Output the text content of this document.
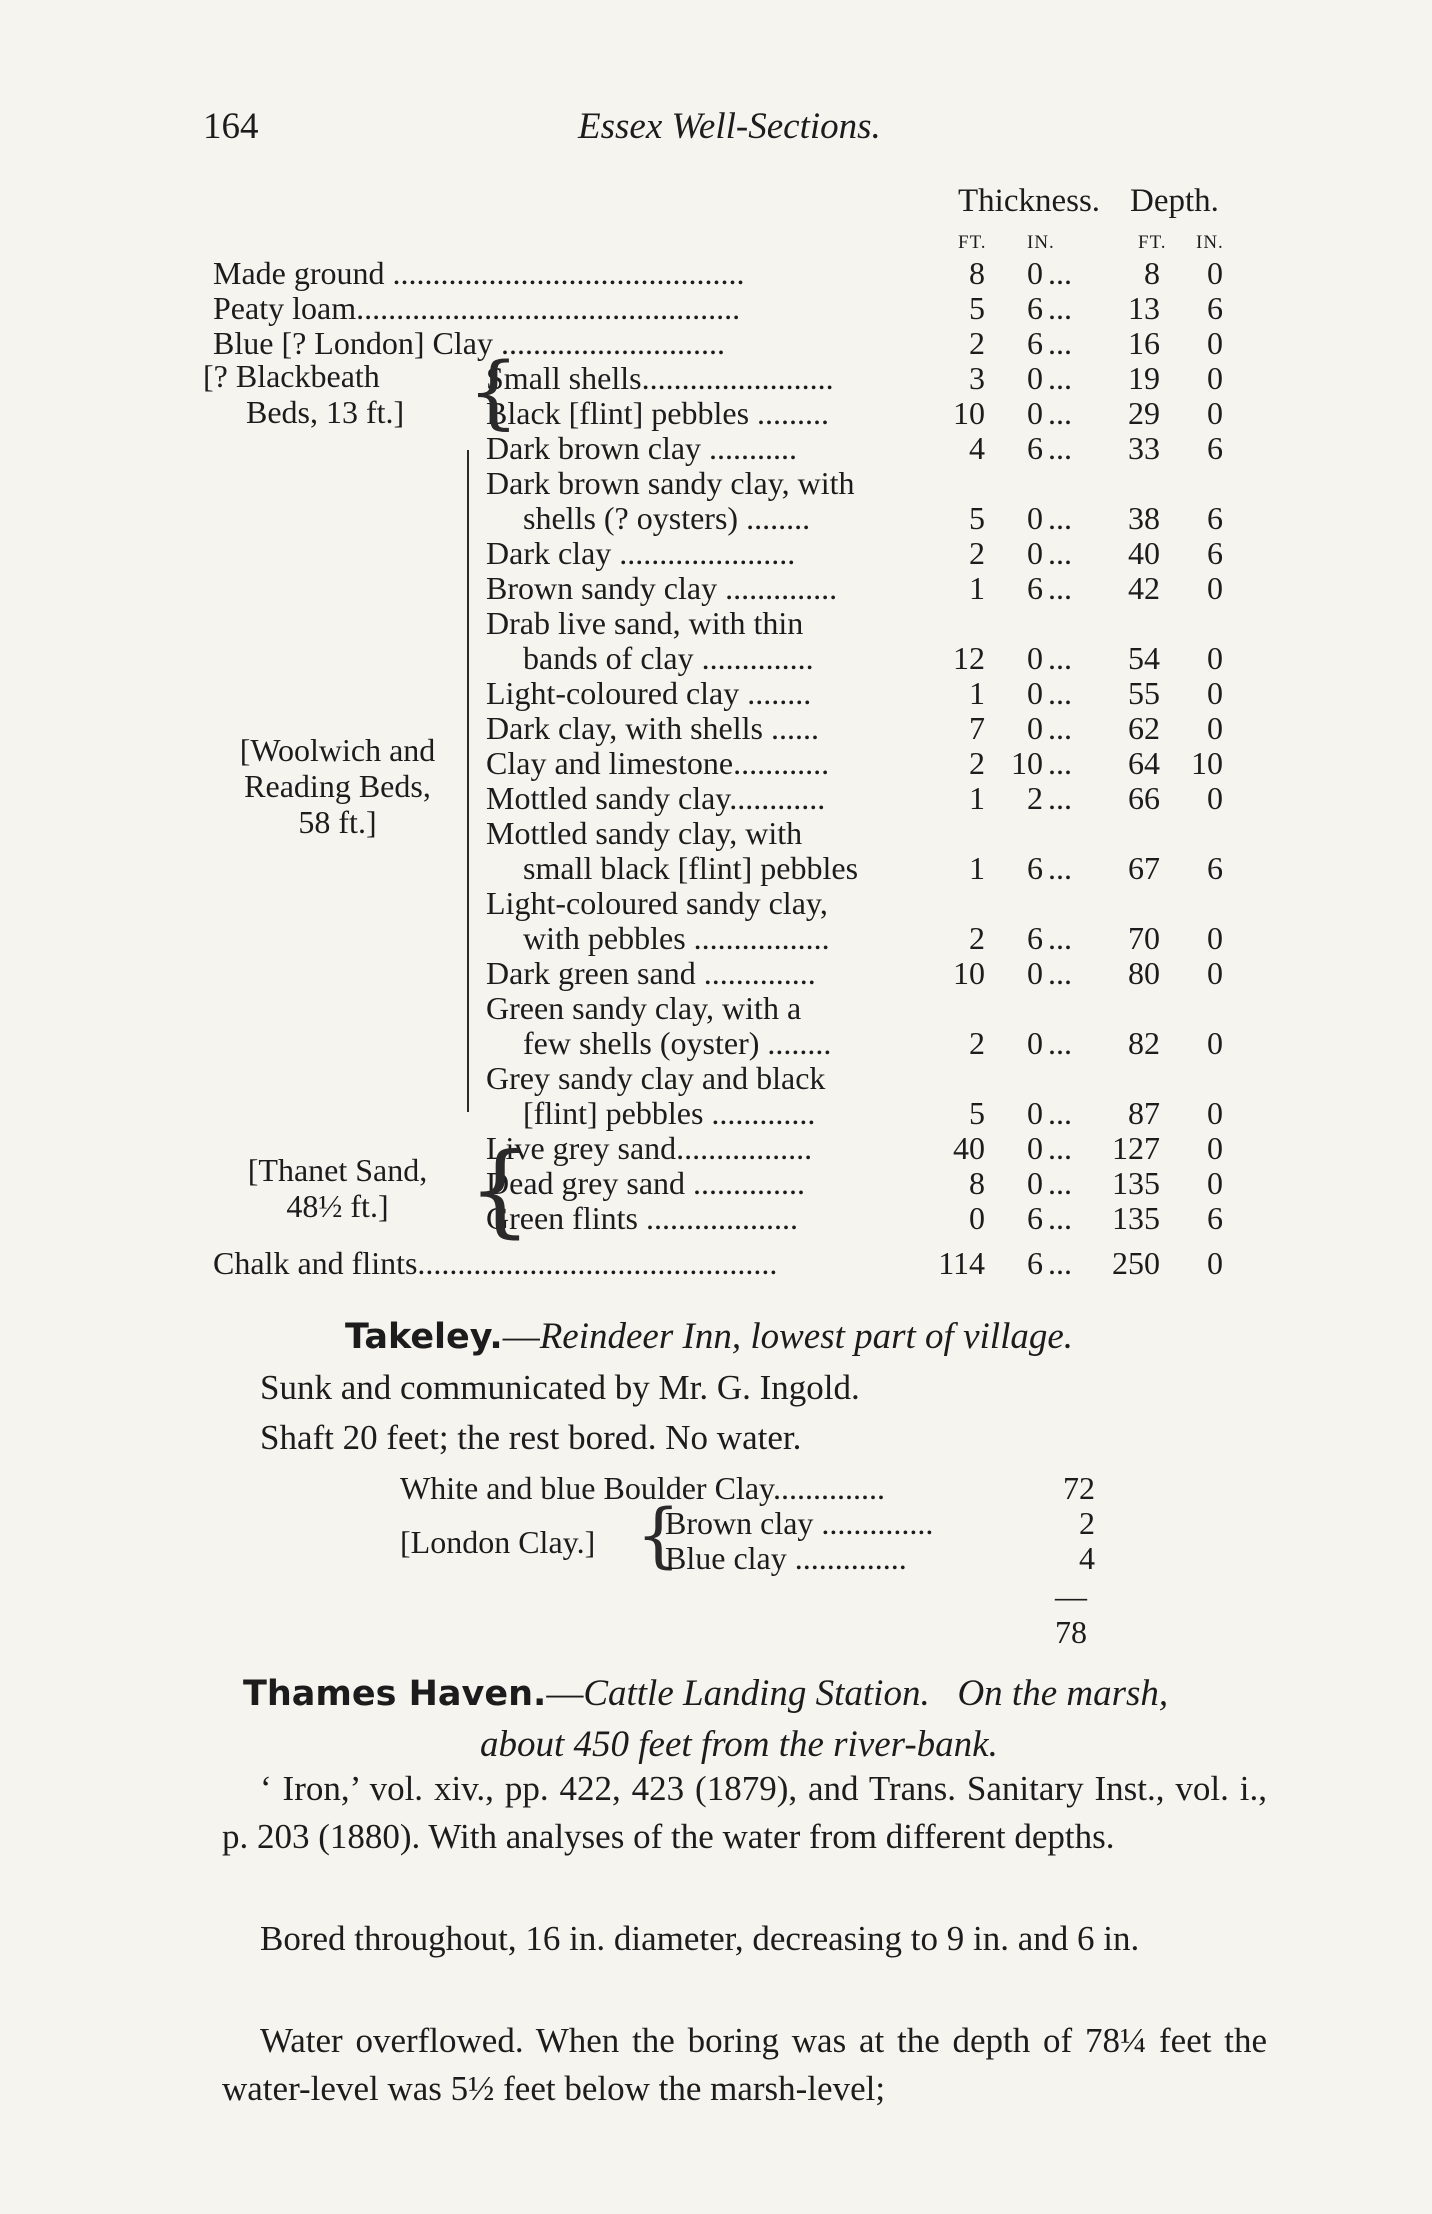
164	Essex Well-Sections.
Thickness. Depth.
FT. IN.	FT. IN.
Made ground ............................................	8	0 ...	8	0
Peaty loam................................................	5	6 ...	13	6
Blue [? London] Clay ............................	2	6 ...	16	0
Small shells........................	3	0 ...	19	0
Black [flint] pebbles .........	10	0 ...	29	0
Dark brown clay ...........	4	6 ...	33	6
Dark brown sandy clay, with
shells (? oysters) ........	5	0 ...	38	6
Dark clay ......................	2	0 ...	40	6
Brown sandy clay ..............	1	6 ...	42	0
Drab live sand, with thin
bands of clay ..............	12	0 ...	54	0
Light-coloured clay ........	1	0 ...	55	0
Dark clay, with shells ......	7	0 ...	62	0
Clay and limestone............	2 10 ...	64 10
Mottled sandy clay............	1	2 ...	66	0
Mottled sandy clay, with
small black [flint] pebbles	1	6 ...	67	6
Light-coloured sandy clay,
with pebbles .................	2	6 ...	70	0
Dark green sand ..............	10	0 ...	80	0
Green sandy clay, with a
few shells (oyster) ........	2	0 ...	82	0
Grey sandy clay and black
[flint] pebbles .............	5	0 ...	87	0
Live grey sand.................	40	0 ...	127	0
Dead grey sand ..............	8	0 ...	135	0
Green flints ...................	0	6 ...	135	6
Chalk and flints.............................................	114	6 ...	250	0
[? Blackbeath
Beds, 13 ft.] {
[Woolwich and
Reading Beds,
58 ft.]
[Thanet Sand,
48½ ft.] {
Takeley.—Reindeer Inn, lowest part of village.
Sunk and communicated by Mr. G. Ingold.
Shaft 20 feet; the rest bored. No water.
White and blue Boulder Clay..............	72
[London Clay.] {
Brown clay ..............	2
Blue clay ..............	4
—
78
Thames Haven.—Cattle Landing Station.   On the marsh,
about 450 feet from the river-bank.
‘ Iron,’ vol. xiv., pp. 422, 423 (1879), and Trans. Sanitary Inst., vol. i., p. 203 (1880). With analyses of the water from different depths.
Bored throughout, 16 in. diameter, decreasing to 9 in. and 6 in.
Water overflowed. When the boring was at the depth of 78¼ feet the water-level was 5½ feet below the marsh-level;
